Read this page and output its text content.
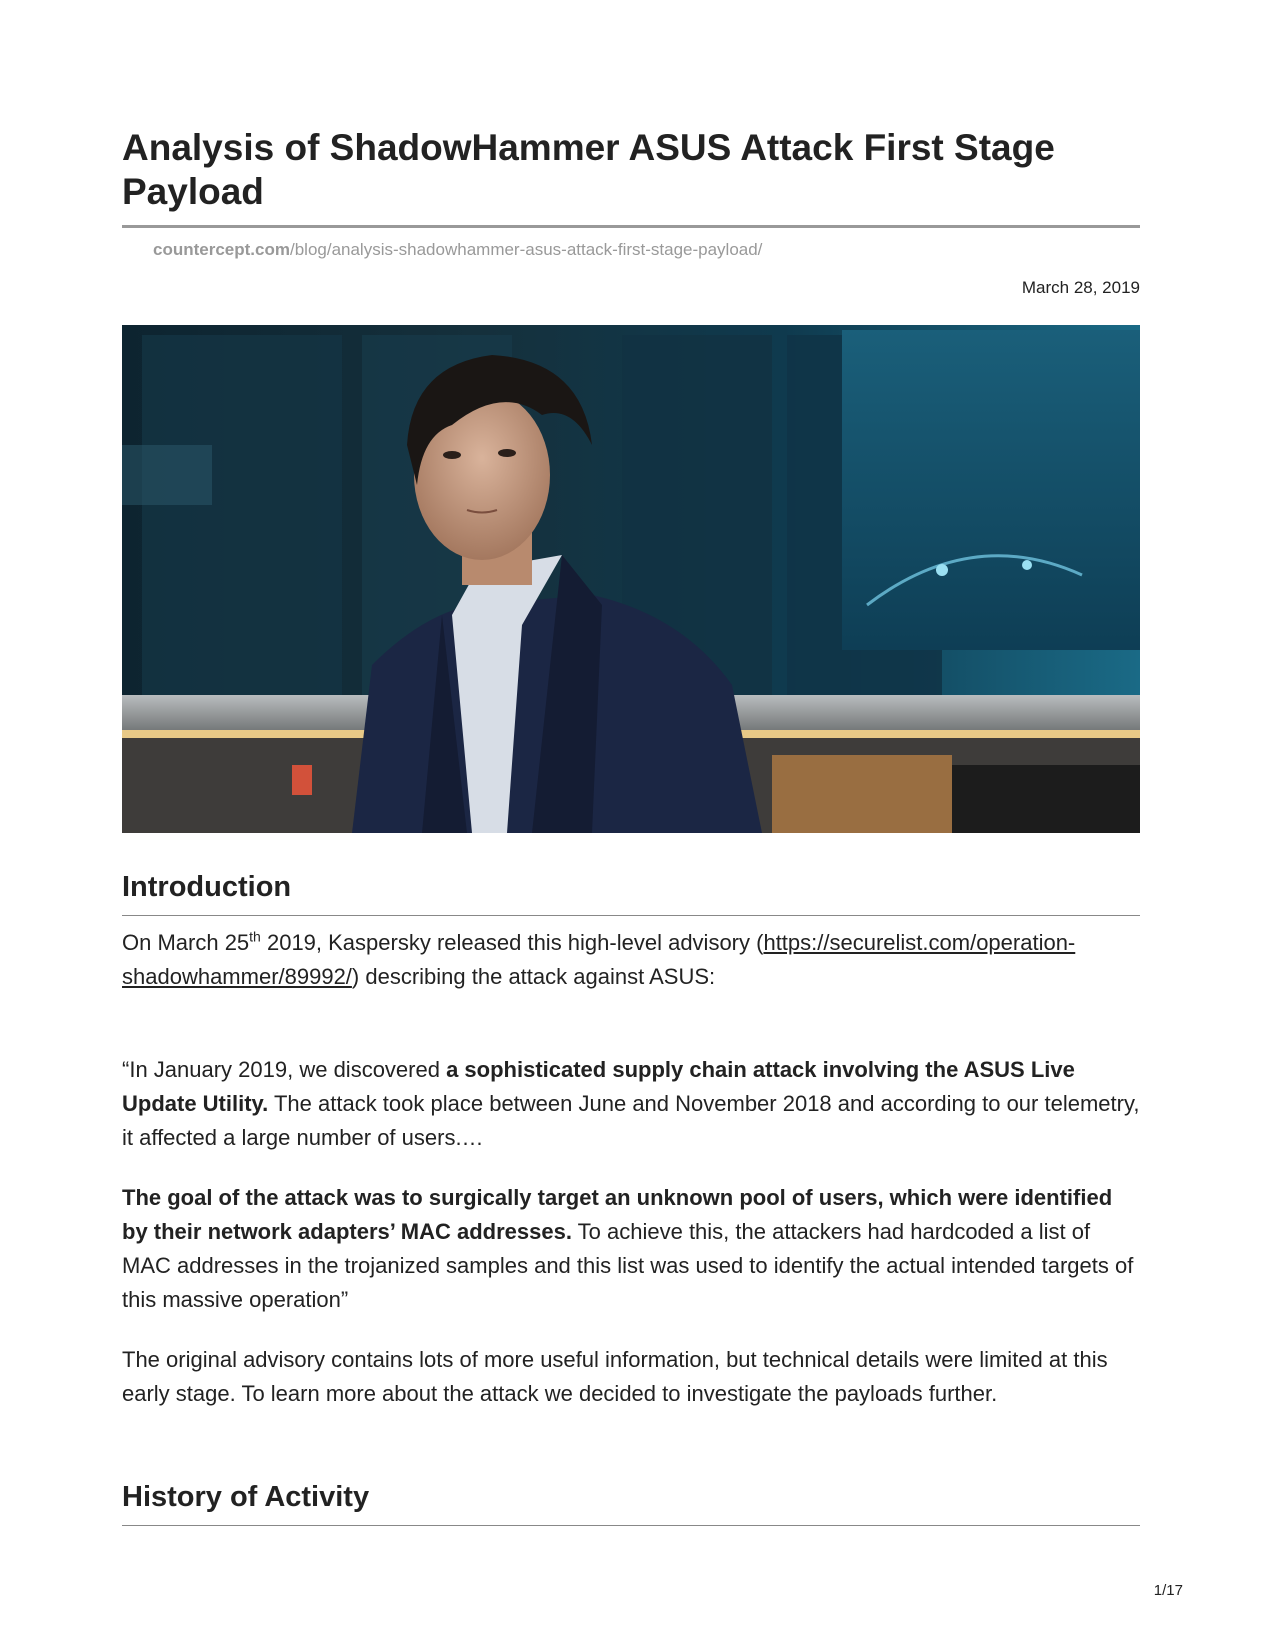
Analysis of ShadowHammer ASUS Attack First Stage Payload
countercept.com/blog/analysis-shadowhammer-asus-attack-first-stage-payload/
March 28, 2019
Introduction

On March 25th 2019, Kaspersky released this high-level advisory (https://securelist.com/operation-shadowhammer/89992/) describing the attack against ASUS:

“In January 2019, we discovered a sophisticated supply chain attack involving the ASUS Live Update Utility. The attack took place between June and November 2018 and according to our telemetry, it affected a large number of users.…

The goal of the attack was to surgically target an unknown pool of users, which were identified by their network adapters’ MAC addresses. To achieve this, the attackers had hardcoded a list of MAC addresses in the trojanized samples and this list was used to identify the actual intended targets of this massive operation”

The original advisory contains lots of more useful information, but technical details were limited at this early stage. To learn more about the attack we decided to investigate the payloads further.

History of Activity
1/17
